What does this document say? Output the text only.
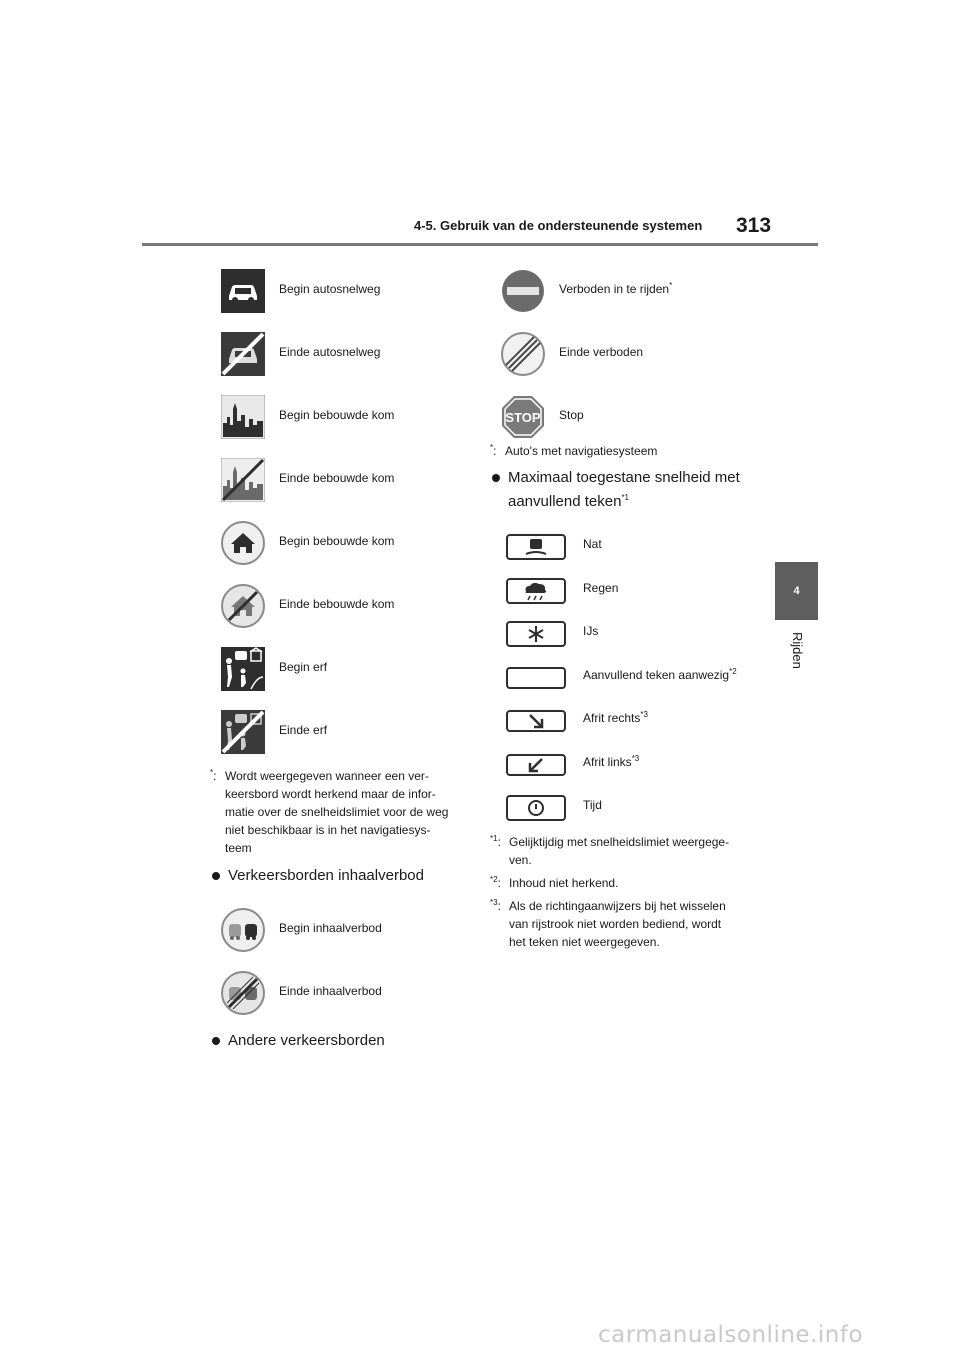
4-5. Gebruik van de ondersteunende systemen 313
4
Rijden
Begin autosnelweg
Einde autosnelweg
Begin bebouwde kom
Einde bebouwde kom
Begin bebouwde kom
Einde bebouwde kom
Begin erf
Einde erf
*: Wordt weergegeven wanneer een ver-
keersbord wordt herkend maar de infor-
matie over de snelheidslimiet voor de weg
niet beschikbaar is in het navigatiesys-
teem
Verkeersborden inhaalverbod
Begin inhaalverbod
Einde inhaalverbod
Andere verkeersborden
Verboden in te rijden*
Einde verboden
STOP Stop
*: Auto's met navigatiesysteem
Maximaal toegestane snelheid met aanvullend teken$^{*1}$
Nat
Regen
IJs
Aanvullend teken aanwezig$^{*2}$
Afrit rechts$^{*3}$
Afrit links$^{*3}$
Tijd
$^{*1}$: Gelijktijdig met snelheidslimiet weergege-
ven.
$^{*2}$: Inhoud niet herkend.
$^{*3}$: Als de richtingaanwijzers bij het wisselen
van rijstrook niet worden bediend, wordt
het teken niet weergegeven.
carmanualsonline.info
